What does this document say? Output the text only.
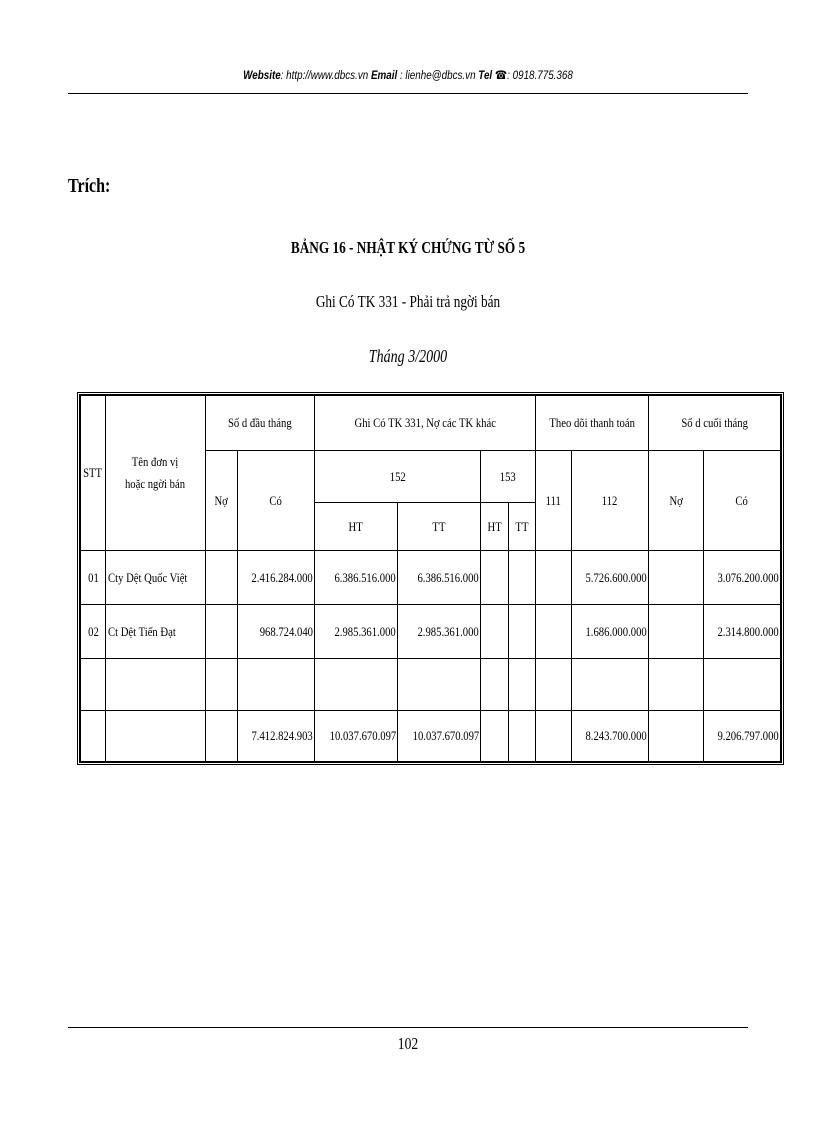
Website: http://www.dbcs.vn Email : lienhe@dbcs.vn Tel ☎: 0918.775.368
Trích:
BẢNG 16 - NHẬT KÝ CHỨNG TỪ SỐ 5
Ghi Có TK 331 - Phải trả ngời bán
Tháng 3/2000
STT	Tên đơn vị hoặc ngời bán	Số d đầu tháng		Ghi Có TK 331, Nợ các TK khác				Theo dõi thanh toán		Số d cuối tháng	
		Nợ	Có	152		153		111	112	Nợ	Có
				HT	TT	HT	TT				
01	Cty Dệt Quốc Việt		2.416.284.000	6.386.516.000	6.386.516.000				5.726.600.000		3.076.200.000
02	Ct Dệt Tiến Đạt		968.724.040	2.985.361.000	2.985.361.000				1.686.000.000		2.314.800.000

			7.412.824.903	10.037.670.097	10.037.670.097				8.243.700.000		9.206.797.000
102
